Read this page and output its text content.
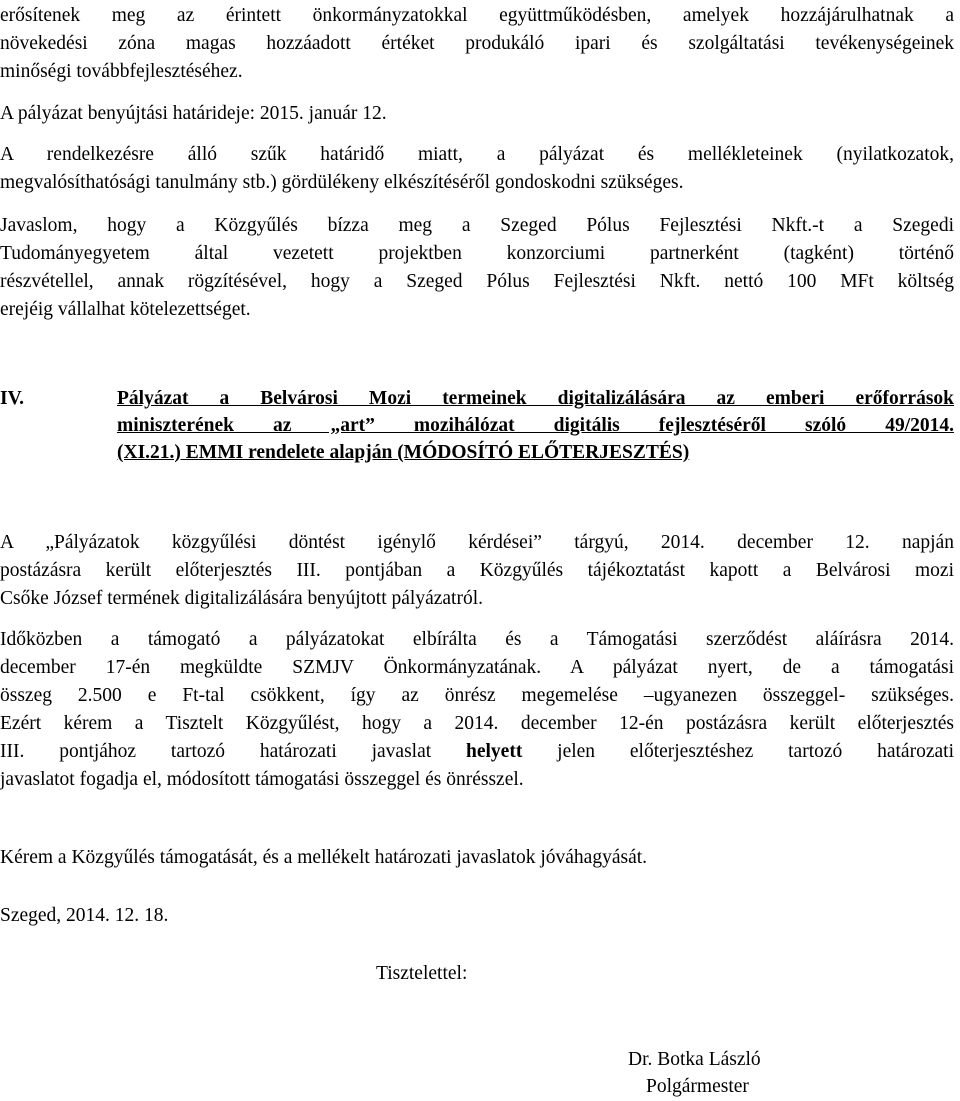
erősítenek meg az érintett önkormányzatokkal együttműködésben, amelyek hozzájárulhatnak a
növekedési zóna magas hozzáadott értéket produkáló ipari és szolgáltatási tevékenységeinek
minőségi továbbfejlesztéséhez.
A pályázat benyújtási határideje: 2015. január 12.
A rendelkezésre álló szűk határidő miatt, a pályázat és mellékleteinek (nyilatkozatok,
megvalósíthatósági tanulmány stb.) gördülékeny elkészítéséről gondoskodni szükséges.
Javaslom, hogy a Közgyűlés bízza meg a Szeged Pólus Fejlesztési Nkft.-t a Szegedi
Tudományegyetem által vezetett projektben konzorciumi partnerként (tagként) történő
részvétellel, annak rögzítésével, hogy a Szeged Pólus Fejlesztési Nkft. nettó 100 MFt költség
erejéig vállalhat kötelezettséget.
IV.	Pályázat a Belvárosi Mozi termeinek digitalizálására az emberi erőforrások
miniszterének az „art” mozihálózat digitális fejlesztéséről szóló 49/2014.
(XI.21.) EMMI rendelete alapján (MÓDOSÍTÓ ELŐTERJESZTÉS)
A „Pályázatok közgyűlési döntést igénylő kérdései” tárgyú, 2014. december 12. napján
postázásra került előterjesztés III. pontjában a Közgyűlés tájékoztatást kapott a Belvárosi mozi
Csőke József termének digitalizálására benyújtott pályázatról.
Időközben a támogató a pályázatokat elbírálta és a Támogatási szerződést aláírásra 2014.
december 17-én megküldte SZMJV Önkormányzatának. A pályázat nyert, de a támogatási
összeg 2.500 e Ft-tal csökkent, így az önrész megemelése –ugyanezen összeggel- szükséges.
Ezért kérem a Tisztelt Közgyűlést, hogy a 2014. december 12-én postázásra került előterjesztés
III. pontjához tartozó határozati javaslat helyett jelen előterjesztéshez tartozó határozati
javaslatot fogadja el, módosított támogatási összeggel és önrésszel.
Kérem a Közgyűlés támogatását, és a mellékelt határozati javaslatok jóváhagyását.
Szeged, 2014. 12. 18.
Tisztelettel:
Dr. Botka László
Polgármester
